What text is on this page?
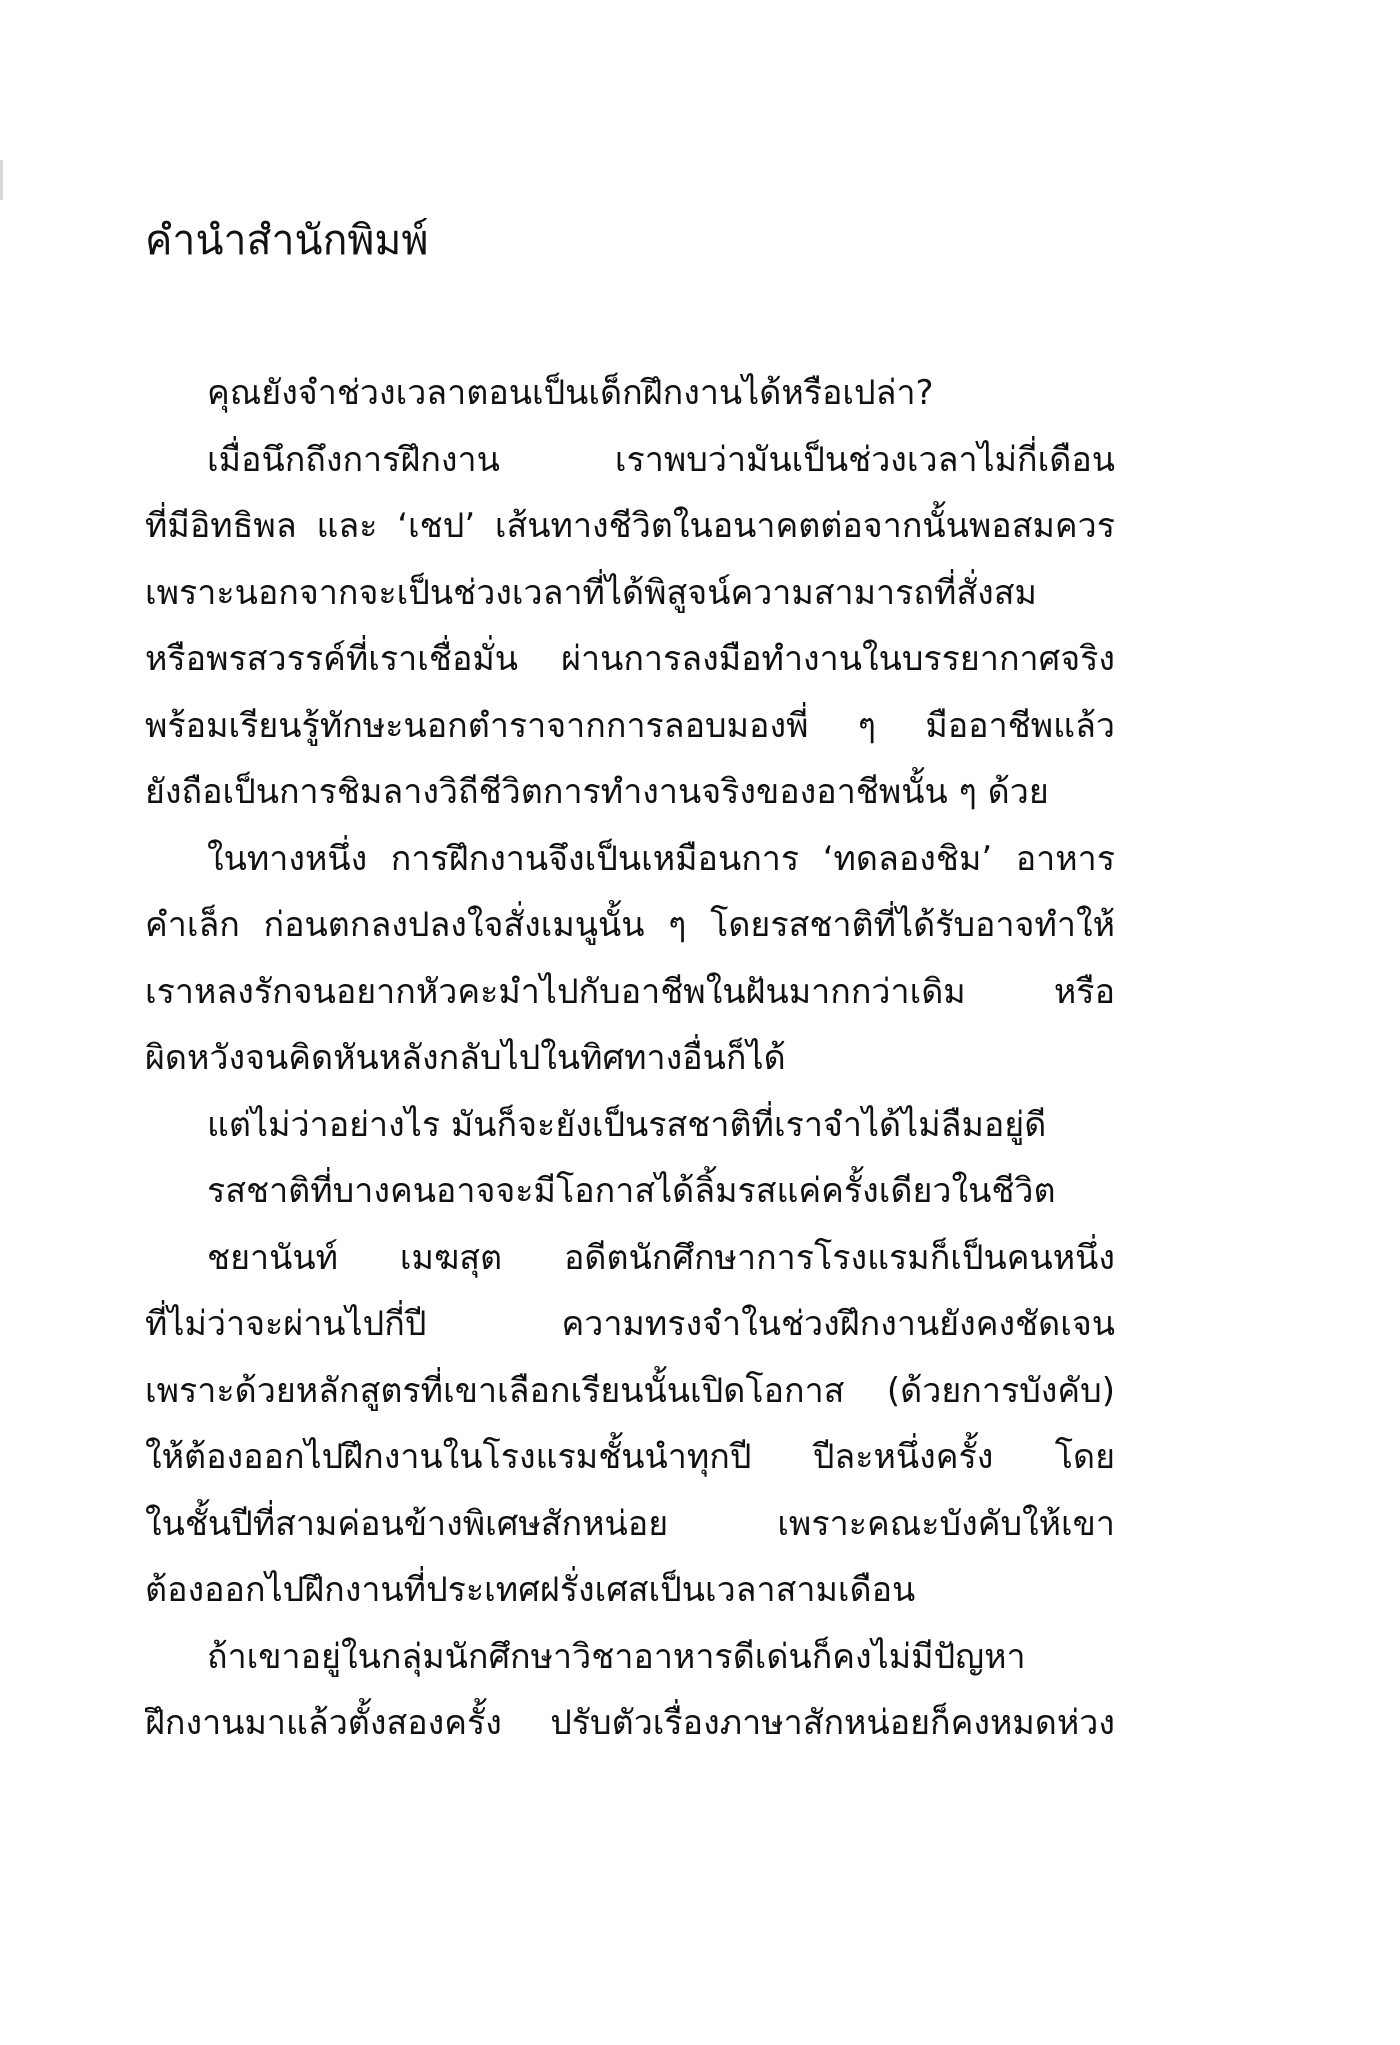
คำนำสำนักพิมพ์
คุณยังจำช่วงเวลาตอนเป็นเด็กฝึกงานได้หรือเปล่า?
เมื่อนึกถึงการฝึกงาน เราพบว่ามันเป็นช่วงเวลาไม่กี่เดือน
ที่มีอิทธิพล และ ‘เชป’ เส้นทางชีวิตในอนาคตต่อจากนั้นพอสมควร
เพราะนอกจากจะเป็นช่วงเวลาที่ได้พิสูจน์ความสามารถที่สั่งสม
หรือพรสวรรค์ที่เราเชื่อมั่น ผ่านการลงมือทำงานในบรรยากาศจริง
พร้อมเรียนรู้ทักษะนอกตำราจากการลอบมองพี่ ๆ มืออาชีพแล้ว
ยังถือเป็นการชิมลางวิถีชีวิตการทำงานจริงของอาชีพนั้น ๆ ด้วย
ในทางหนึ่ง การฝึกงานจึงเป็นเหมือนการ ‘ทดลองชิม’ อาหาร
คำเล็ก ก่อนตกลงปลงใจสั่งเมนูนั้น ๆ โดยรสชาติที่ได้รับอาจทำให้
เราหลงรักจนอยากหัวคะมำไปกับอาชีพในฝันมากกว่าเดิม หรือ
ผิดหวังจนคิดหันหลังกลับไปในทิศทางอื่นก็ได้
แต่ไม่ว่าอย่างไร มันก็จะยังเป็นรสชาติที่เราจำได้ไม่ลืมอยู่ดี
รสชาติที่บางคนอาจจะมีโอกาสได้ลิ้มรสแค่ครั้งเดียวในชีวิต
ชยานันท์ เมฆสุต อดีตนักศึกษาการโรงแรมก็เป็นคนหนึ่ง
ที่ไม่ว่าจะผ่านไปกี่ปี ความทรงจำในช่วงฝึกงานยังคงชัดเจน
เพราะด้วยหลักสูตรที่เขาเลือกเรียนนั้นเปิดโอกาส (ด้วยการบังคับ)
ให้ต้องออกไปฝึกงานในโรงแรมชั้นนำทุกปี ปีละหนึ่งครั้ง โดย
ในชั้นปีที่สามค่อนข้างพิเศษสักหน่อย เพราะคณะบังคับให้เขา
ต้องออกไปฝึกงานที่ประเทศฝรั่งเศสเป็นเวลาสามเดือน
ถ้าเขาอยู่ในกลุ่มนักศึกษาวิชาอาหารดีเด่นก็คงไม่มีปัญหา
ฝึกงานมาแล้วตั้งสองครั้ง ปรับตัวเรื่องภาษาสักหน่อยก็คงหมดห่วง
